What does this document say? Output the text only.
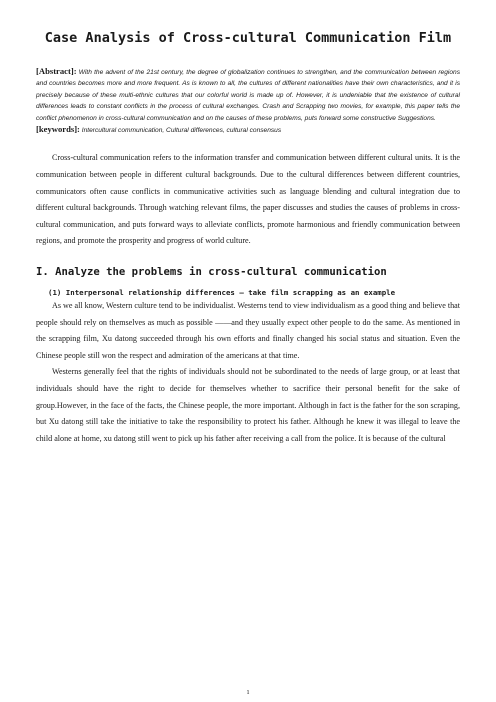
Case Analysis of Cross-cultural Communication Film

[Abstract]: With the advent of the 21st century, the degree of globalization continues to strengthen, and the communication between regions and countries becomes more and more frequent. As is known to all, the cultures of different nationalities have their own characteristics, and it is precisely because of these multi-ethnic cultures that our colorful world is made up of. However, it is undeniable that the existence of cultural differences leads to constant conflicts in the process of cultural exchanges. Crash and Scrapping two movies, for example, this paper tells the conflict phenomenon in cross-cultural communication and on the causes of these problems, puts forward some constructive Suggestions.

[keywords]: Intercultural communication, Cultural differences, cultural consensus

Cross-cultural communication refers to the information transfer and communication between different cultural units. It is the communication between people in different cultural backgrounds. Due to the cultural differences between different countries, communicators often cause conflicts in communicative activities such as language blending and cultural integration due to different cultural backgrounds. Through watching relevant films, the paper discusses and studies the causes of problems in cross-cultural communication, and puts forward ways to alleviate conflicts, promote harmonious and friendly communication between regions, and promote the prosperity and progress of world culture.

I. Analyze the problems in cross-cultural communication
(1) Interpersonal relationship differences — take film scrapping as an example

As we all know, Western culture tend to be individualist. Westerns tend to view individualism as a good thing and believe that people should rely on themselves as much as possible ——and they usually expect other people to do the same. As mentioned in the scrapping film, Xu datong succeeded through his own efforts and finally changed his social status and situation. Even the Chinese people still won the respect and admiration of the americans at that time.

Westerns generally feel that the rights of individuals should not be subordinated to the needs of large group, or at least that individuals should have the right to decide for themselves whether to sacrifice their personal benefit for the sake of group.However, in the face of the facts, the Chinese people, the more important. Although in fact is the father for the son scraping, but Xu datong still take the initiative to take the responsibility to protect his father. Although he knew it was illegal to leave the child alone at home, xu datong still went to pick up his father after receiving a call from the police. It is because of the cultural

1
